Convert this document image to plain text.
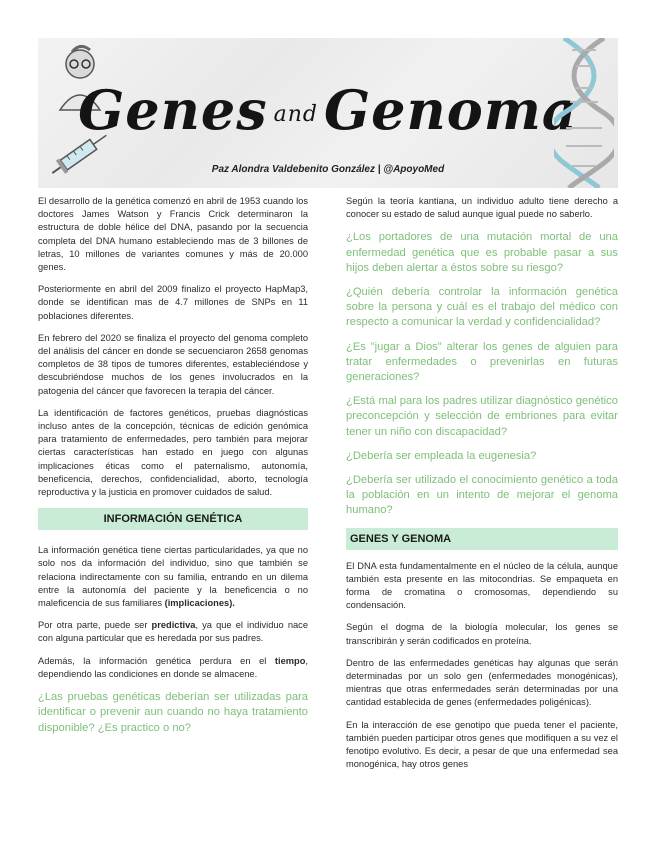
Genes and Genoma
Paz Alondra Valdebenito González | @ApoyoMed

El desarrollo de la genética comenzó en abril de 1953 cuando los doctores James Watson y Francis Crick determinaron la estructura de doble hélice del DNA, pasando por la secuencia completa del DNA humano estableciendo mas de 3 billones de letras, 10 millones de variantes comunes y más de 20.000 genes.

Posteriormente en abril del 2009 finalizo el proyecto HapMap3, donde se identifican mas de 4.7 millones de SNPs en 11 poblaciones diferentes.

En febrero del 2020 se finaliza el proyecto del genoma completo del análisis del cáncer en donde se secuenciaron 2658 genomas completos de 38 tipos de tumores diferentes, estableciéndose y descubriéndose muchos de los genes involucrados en la patogenia del cáncer que favorecen la terapia del cáncer.

La identificación de factores genéticos, pruebas diagnósticas incluso antes de la concepción, técnicas de edición genómica para tratamiento de enfermedades, pero también para mejorar ciertas características han estado en juego con algunas implicaciones éticas como el paternalismo, autonomía, beneficencia, derechos, confidencialidad, aborto, tecnología reproductiva y la justicia en promover cuidados de salud.

INFORMACIÓN GENÉTICA

La información genética tiene ciertas particularidades, ya que no solo nos da información del individuo, sino que también se relaciona indirectamente con su familia, entrando en un dilema entre la autonomía del paciente y la beneficencia o no maleficencia de sus familiares (implicaciones).

Por otra parte, puede ser predictiva, ya que el individuo nace con alguna particular que es heredada por sus padres.

Además, la información genética perdura en el tiempo, dependiendo las condiciones en donde se almacene.

¿Las pruebas genéticas deberían ser utilizadas para identificar o prevenir aun cuando no haya tratamiento disponible? ¿Es practico o no?

Según la teoría kantiana, un individuo adulto tiene derecho a conocer su estado de salud aunque igual puede no saberlo.

¿Los portadores de una mutación mortal de una enfermedad genética que es probable pasar a sus hijos deben alertar a éstos sobre su riesgo?
¿Quién debería controlar la información genética sobre la persona y cuál es el trabajo del médico con respecto a comunicar la verdad y confidencialidad?
¿Es "jugar a Dios" alterar los genes de alguien para tratar enfermedades o prevenirlas en futuras generaciones?
¿Está mal para los padres utilizar diagnóstico genético preconcepción y selección de embriones para evitar tener un niño con discapacidad?
¿Debería ser empleada la eugenesia?
¿Debería ser utilizado el conocimiento genético a toda la población en un intento de mejorar el genoma humano?
GENES Y GENOMA

El DNA esta fundamentalmente en el núcleo de la célula, aunque también esta presente en las mitocondrias. Se empaqueta en forma de cromatina o cromosomas, dependiendo su condensación.

Según el dogma de la biología molecular, los genes se transcribirán y serán codificados en proteína.

Dentro de las enfermedades genéticas hay algunas que serán determinadas por un solo gen (enfermedades monogénicas), mientras que otras enfermedades serán determinadas por una cantidad establecida de genes (enfermedades poligénicas).

En la interacción de ese genotipo que pueda tener el paciente, también pueden participar otros genes que modifiquen a su vez el fenotipo evolutivo. Es decir, a pesar de que una enfermedad sea monogénica, hay otros genes
